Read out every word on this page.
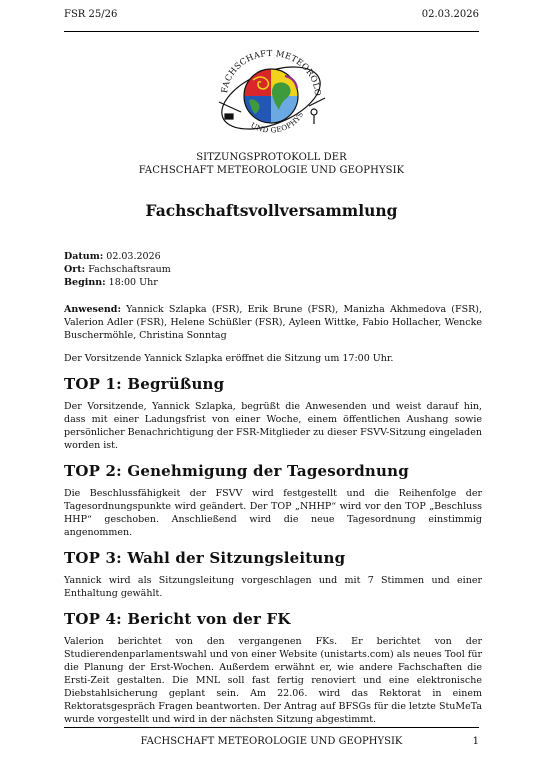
FSR 25/26	02.03.2026
FACHSCHAFT METEOROLO
UND GEOPHYS
SITZUNGSPROTOKOLL DER
FACHSCHAFT METEOROLOGIE UND GEOPHYSIK
Fachschaftsvollversammlung
Datum: 02.03.2026
Ort: Fachschaftsraum
Beginn: 18:00 Uhr

Anwesend: Yannick Szlapka (FSR), Erik Brune (FSR), Manizha Akhmedova (FSR), Valerion Adler (FSR), Helene Schüßler (FSR), Ayleen Wittke, Fabio Hollacher, Wencke Buschermöhle, Christina Sonntag

Der Vorsitzende Yannick Szlapka eröffnet die Sitzung um 17:00 Uhr.

TOP 1: Begrüßung

Der Vorsitzende, Yannick Szlapka, begrüßt die Anwesenden und weist darauf hin, dass mit einer Ladungsfrist von einer Woche, einem öffentlichen Aushang sowie persönlicher Benachrichtigung der FSR-Mitglieder zu dieser FSVV-Sitzung eingeladen worden ist.

TOP 2: Genehmigung der Tagesordnung

Die Beschlussfähigkeit der FSVV wird festgestellt und die Reihenfolge der Tagesordnungspunkte wird geändert. Der TOP „NHHP“ wird vor den TOP „Beschluss HHP“ geschoben. Anschließend wird die neue Tagesordnung einstimmig angenommen.

TOP 3: Wahl der Sitzungsleitung

Yannick wird als Sitzungsleitung vorgeschlagen und mit 7 Stimmen und einer Enthaltung gewählt.

TOP 4: Bericht von der FK

Valerion berichtet von den vergangenen FKs. Er berichtet von der Studierendenparlamentswahl und von einer Website (unistarts.com) als neues Tool für die Planung der Erst-Wochen. Außerdem erwähnt er, wie andere Fachschaften die Ersti-Zeit gestalten. Die MNL soll fast fertig renoviert und eine elektronische Diebstahlsicherung geplant sein. Am 22.06. wird das Rektorat in einem Rektoratsgespräch Fragen beantworten. Der Antrag auf BFSGs für die letzte StuMeTa wurde vorgestellt und wird in der nächsten Sitzung abgestimmt.

FACHSCHAFT METEOROLOGIE UND GEOPHYSIK	1
